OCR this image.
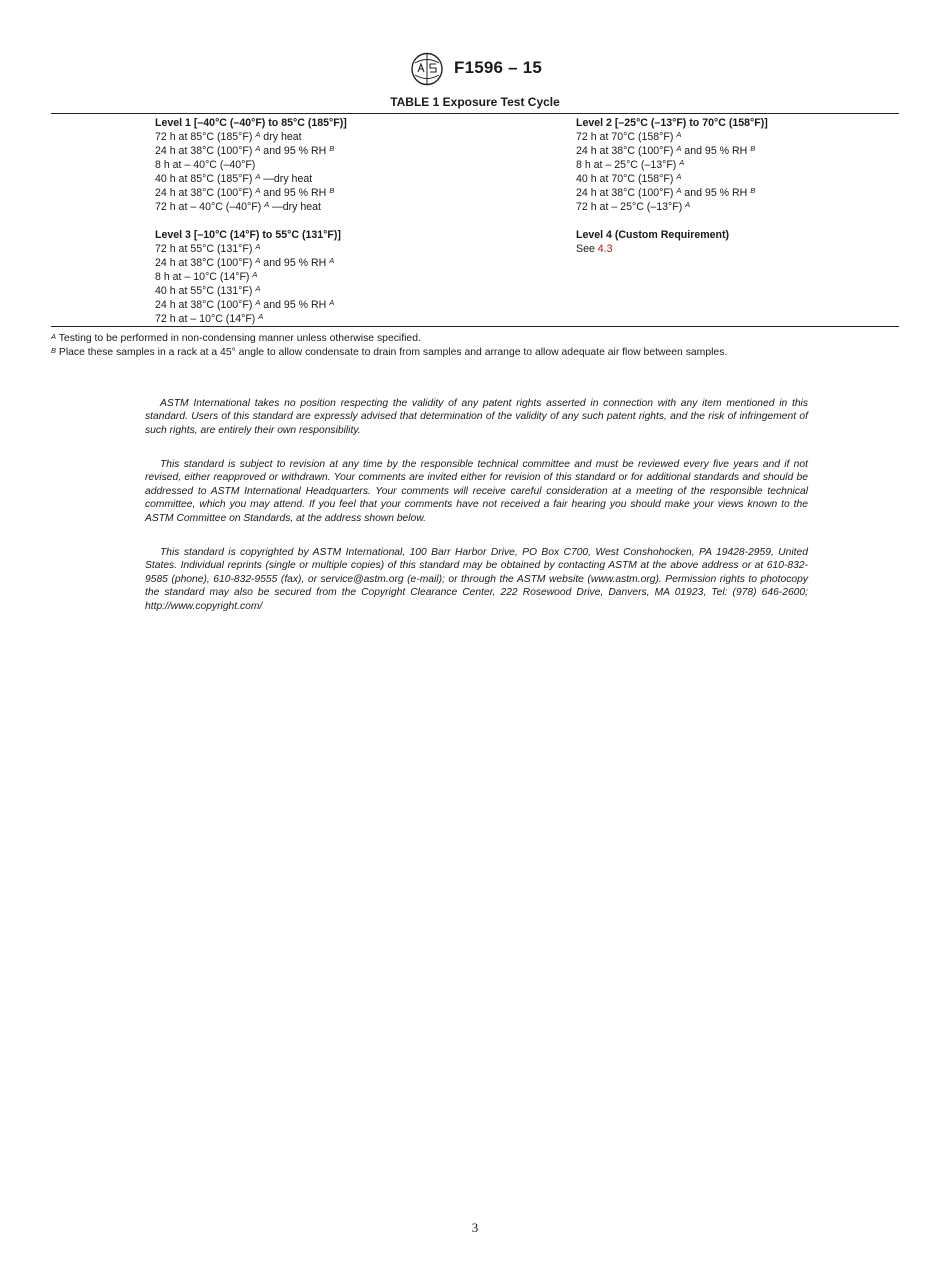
F1596 – 15
TABLE 1 Exposure Test Cycle
Level 1 [–40°C (–40°F) to 85°C (185°F)]
72 h at 85°C (185°F) $^A$ dry heat
24 h at 38°C (100°F) $^A$ and 95 % RH $^B$
8 h at – 40°C (–40°F)
40 h at 85°C (185°F) $^A$ —dry heat
24 h at 38°C (100°F) $^A$ and 95 % RH $^B$
72 h at – 40°C (–40°F) $^A$ —dry heat
Level 2 [–25°C (–13°F) to 70°C (158°F)]
72 h at 70°C (158°F) $^A$
24 h at 38°C (100°F) $^A$ and 95 % RH $^B$
8 h at – 25°C (–13°F) $^A$
40 h at 70°C (158°F) $^A$
24 h at 38°C (100°F) $^A$ and 95 % RH $^B$
72 h at – 25°C (–13°F) $^A$
Level 3 [–10°C (14°F) to 55°C (131°F)]
72 h at 55°C (131°F) $^A$
24 h at 38°C (100°F) $^A$ and 95 % RH $^A$
8 h at – 10°C (14°F) $^A$
40 h at 55°C (131°F) $^A$
24 h at 38°C (100°F) $^A$ and 95 % RH $^A$
72 h at – 10°C (14°F) $^A$
Level 4 (Custom Requirement)
See 4.3
$^A$ Testing to be performed in non-condensing manner unless otherwise specified.
$^B$ Place these samples in a rack at a 45° angle to allow condensate to drain from samples and arrange to allow adequate air flow between samples.

ASTM International takes no position respecting the validity of any patent rights asserted in connection with any item mentioned in this standard. Users of this standard are expressly advised that determination of the validity of any such patent rights, and the risk of infringement of such rights, are entirely their own responsibility.

This standard is subject to revision at any time by the responsible technical committee and must be reviewed every five years and if not revised, either reapproved or withdrawn. Your comments are invited either for revision of this standard or for additional standards and should be addressed to ASTM International Headquarters. Your comments will receive careful consideration at a meeting of the responsible technical committee, which you may attend. If you feel that your comments have not received a fair hearing you should make your views known to the ASTM Committee on Standards, at the address shown below.

This standard is copyrighted by ASTM International, 100 Barr Harbor Drive, PO Box C700, West Conshohocken, PA 19428-2959, United States. Individual reprints (single or multiple copies) of this standard may be obtained by contacting ASTM at the above address or at 610-832-9585 (phone), 610-832-9555 (fax), or service@astm.org (e-mail); or through the ASTM website (www.astm.org). Permission rights to photocopy the standard may also be secured from the Copyright Clearance Center, 222 Rosewood Drive, Danvers, MA 01923, Tel: (978) 646-2600; http://www.copyright.com/

3
